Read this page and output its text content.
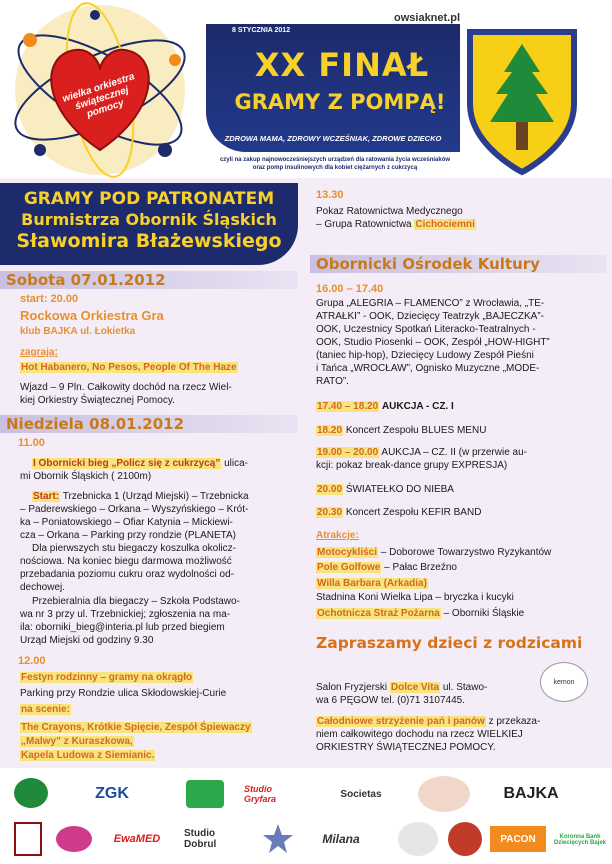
wielka orkiestra świątecznej pomocy
8 STYCZNIA 2012
owsiaknet.pl
XX FINAŁ
GRAMY Z POMPĄ!
ZDROWA MAMA, ZDROWY WCZEŚNIAK, ZDROWE DZIECKO
czyli na zakup najnowocześniejszych urządzeń dla ratowania życia wcześniaków
oraz pomp insulinowych dla kobiet ciężarnych z cukrzycą
GRAMY POD PATRONATEM
Burmistrza Obornik Śląskich
Sławomira Błażewskiego
Sobota 07.01.2012
start: 20.00
Rockowa Orkiestra Gra
klub BAJKA ul. Łokietka
zagrają:
Hot Habanero, No Pesos, People Of The Haze
Wjazd – 9 Pln. Całkowity dochód na rzecz Wiel-
kiej Orkiestry Świątecznej Pomocy.
Niedziela 08.01.2012
11.00
I Obornicki bieg „Policz się z cukrzycą” ulica-
mi Obornik Śląskich ( 2100m)
Start: Trzebnicka 1 (Urząd Miejski) – Trzebnicka
– Paderewskiego – Orkana – Wyszyńskiego – Krót-
ka – Poniatowskiego – Ofiar Katynia – Mickiewi-
cza – Orkana – Parking przy rondzie (PLANETA)
Dla pierwszych stu biegaczy koszulka okolicz-
nościowa. Na koniec biegu darmowa możliwość
przebadania poziomu cukru oraz wydolności od-
dechowej.
Przebieralnia dla biegaczy – Szkoła Podstawo-
wa nr 3 przy ul. Trzebnickiej; zgłoszenia na ma-
ila: oborniki_bieg@interia.pl lub przed biegiem
Urząd Miejski od godziny 9.30
12.00
Festyn rodzinny – gramy na okrągło
Parking przy Rondzie ulica Skłodowskiej-Curie
na scenie:
The Crayons, Krótkie Spięcie, Zespół Śpiewaczy
„Malwy” z Kuraszkowa,
Kapela Ludowa z Siemianic.
13.30
Pokaz Ratownictwa Medycznego
– Grupa Ratownictwa Cichociemni
Obornicki Ośrodek Kultury
16.00 – 17.40
Grupa „ALEGRIA – FLAMENCO” z Wrocławia, „TE-
ATRAŁKI” - OOK, Dziecięcy Teatrzyk „BAJECZKA”-
OOK, Uczestnicy Spotkań Literacko-Teatralnych -
OOK, Studio Piosenki – OOK, Zespół „HOW-HIGHT”
(taniec hip-hop), Dziecięcy Ludowy Zespół Pieśni
i Tańca „WROCŁAW”, Ognisko Muzyczne „MODE-
RATO”.
17.40 – 18.20 AUKCJA - CZ. I
18.20 Koncert Zespołu BLUES MENU
19.00 – 20.00 AUKCJA – CZ. II (w przerwie au-
kcji: pokaz break-dance grupy EXPRESJA)
20.00 ŚWIATEŁKO DO NIEBA
20.30 Koncert Zespołu KEFIR BAND
Atrakcje:
Motocykliści – Doborowe Towarzystwo Ryzykantów
Pole Golfowe – Pałac Brzeźno
Willa Barbara (Arkadia)
Stadnina Koni Wielka Lipa – bryczka i kucyki
Ochotnicza Straż Pożarna – Oborniki Śląskie
Zapraszamy dzieci z rodzicami
Salon Fryzjerski Dolce Vita ul. Stawo-
wa 6 PĘGOW tel. (0)71 3107445.
kemon
Całodniowe strzyżenie pań i panów z przekaza-
niem całkowitego dochodu na rzecz WIELKIEJ
ORKIESTRY ŚWIĄTECZNEJ POMOCY.
ZGK	Studio Gryfara	Societas	BAJKA
EwaMED	Studio Dobrul	Milana	PACON	Koronna Bank Dziecięcych Bajek
